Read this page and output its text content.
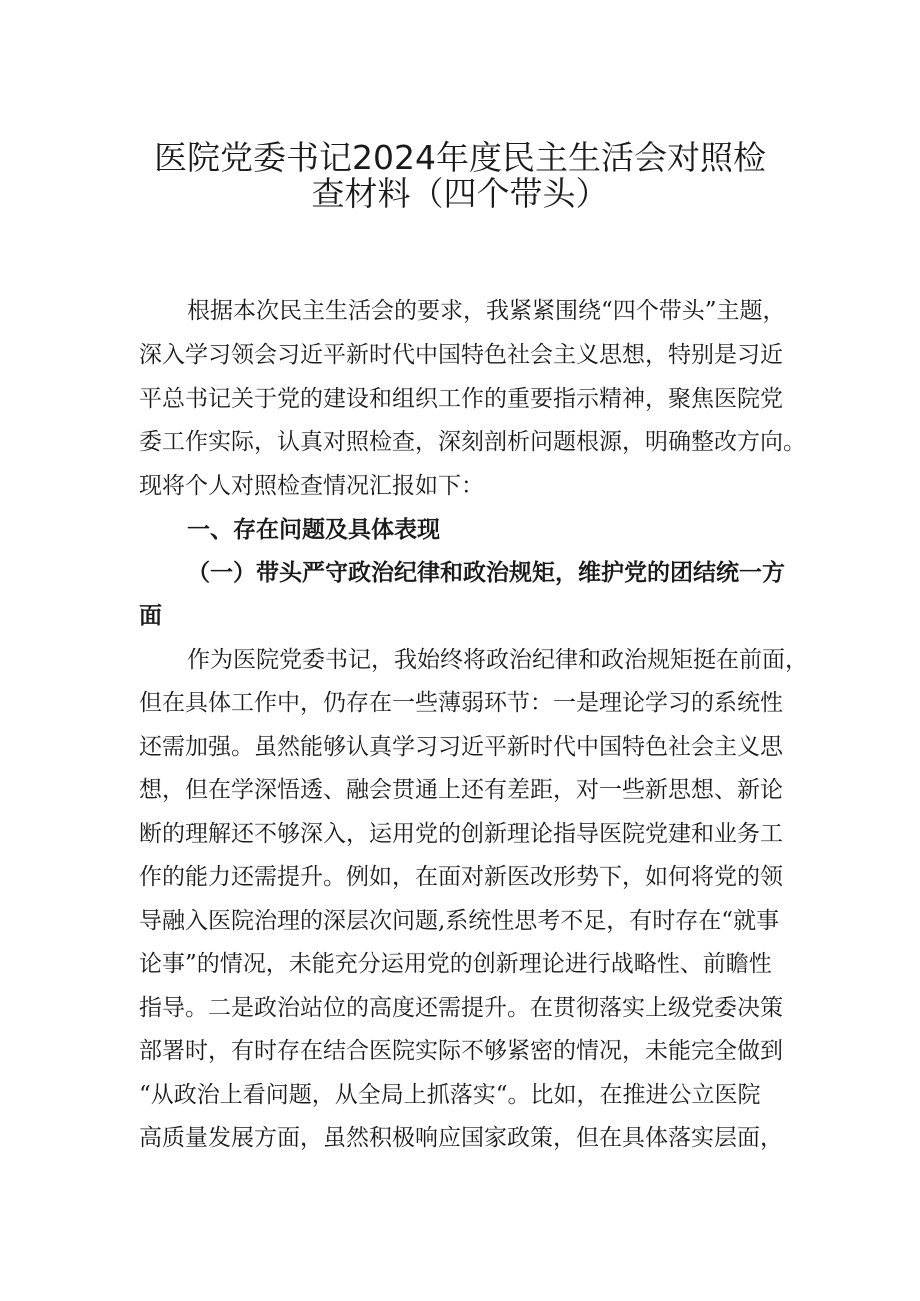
医院党委书记2024年度民主生活会对照检
查材料（四个带头）
根据本次民主生活会的要求，我紧紧围绕“四个带头”主题，
深入学习领会习近平新时代中国特色社会主义思想，特别是习近
平总书记关于党的建设和组织工作的重要指示精神，聚焦医院党
委工作实际，认真对照检查，深刻剖析问题根源，明确整改方向。
现将个人对照检查情况汇报如下：
一、存在问题及具体表现
（一）带头严守政治纪律和政治规矩，维护党的团结统一方
面
作为医院党委书记，我始终将政治纪律和政治规矩挺在前面，
但在具体工作中，仍存在一些薄弱环节：一是理论学习的系统性
还需加强。虽然能够认真学习习近平新时代中国特色社会主义思
想，但在学深悟透、融会贯通上还有差距，对一些新思想、新论
断的理解还不够深入，运用党的创新理论指导医院党建和业务工
作的能力还需提升。例如，在面对新医改形势下，如何将党的领
导融入医院治理的深层次问题,系统性思考不足，有时存在“就事
论事”的情况，未能充分运用党的创新理论进行战略性、前瞻性
指导。二是政治站位的高度还需提升。在贯彻落实上级党委决策
部署时，有时存在结合医院实际不够紧密的情况，未能完全做到
“从政治上看问题，从全局上抓落实“。比如，在推进公立医院
高质量发展方面，虽然积极响应国家政策，但在具体落实层面，
